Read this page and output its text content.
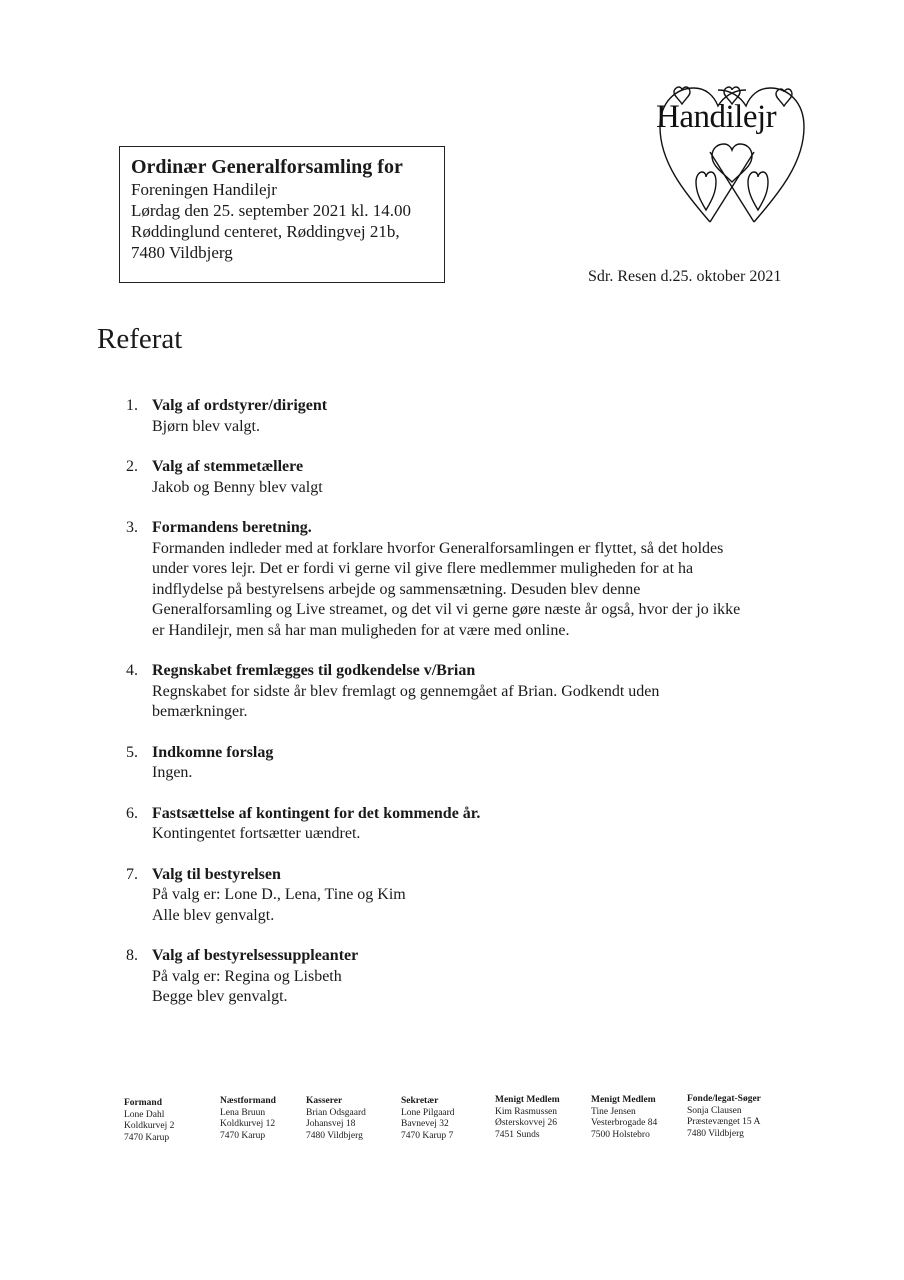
Ordinær Generalforsamling for

Foreningen Handilejr

Lørdag den 25. september 2021 kl. 14.00

Røddinglund centeret, Røddingvej 21b,

7480 Vildbjerg

Handilejr
Sdr. Resen d.25. oktober 2021
Referat
1. Valg af ordstyrer/dirigent
Bjørn blev valgt.
2. Valg af stemmetællere
Jakob og Benny blev valgt
3. Formandens beretning.
Formanden indleder med at forklare hvorfor Generalforsamlingen er flyttet, så det holdes
under vores lejr. Det er fordi vi gerne vil give flere medlemmer muligheden for at ha
indflydelse på bestyrelsens arbejde og sammensætning. Desuden blev denne
Generalforsamling og Live streamet, og det vil vi gerne gøre næste år også, hvor der jo ikke
er Handilejr, men så har man muligheden for at være med online.
4. Regnskabet fremlægges til godkendelse v/Brian
Regnskabet for sidste år blev fremlagt og gennemgået af Brian. Godkendt uden
bemærkninger.
5. Indkomne forslag
Ingen.
6. Fastsættelse af kontingent for det kommende år.
Kontingentet fortsætter uændret.
7. Valg til bestyrelsen
På valg er: Lone D., Lena, Tine og Kim
Alle blev genvalgt.
8. Valg af bestyrelsessuppleanter
På valg er: Regina og Lisbeth
Begge blev genvalgt.
Formand
Lone Dahl
Koldkurvej 2
7470 Karup
Næstformand
Lena Bruun
Koldkurvej 12
7470 Karup
Kasserer
Brian Odsgaard
Johansvej 18
7480 Vildbjerg
Sekretær
Lone Pilgaard
Bavnevej 32
7470 Karup 7
Menigt Medlem
Kim Rasmussen
Østerskovvej 26
7451 Sunds
Menigt Medlem
Tine Jensen
Vesterbrogade 84
7500 Holstebro
Fonde/legat-Søger
Sonja Clausen
Præstevænget 15 A
7480 Vildbjerg
